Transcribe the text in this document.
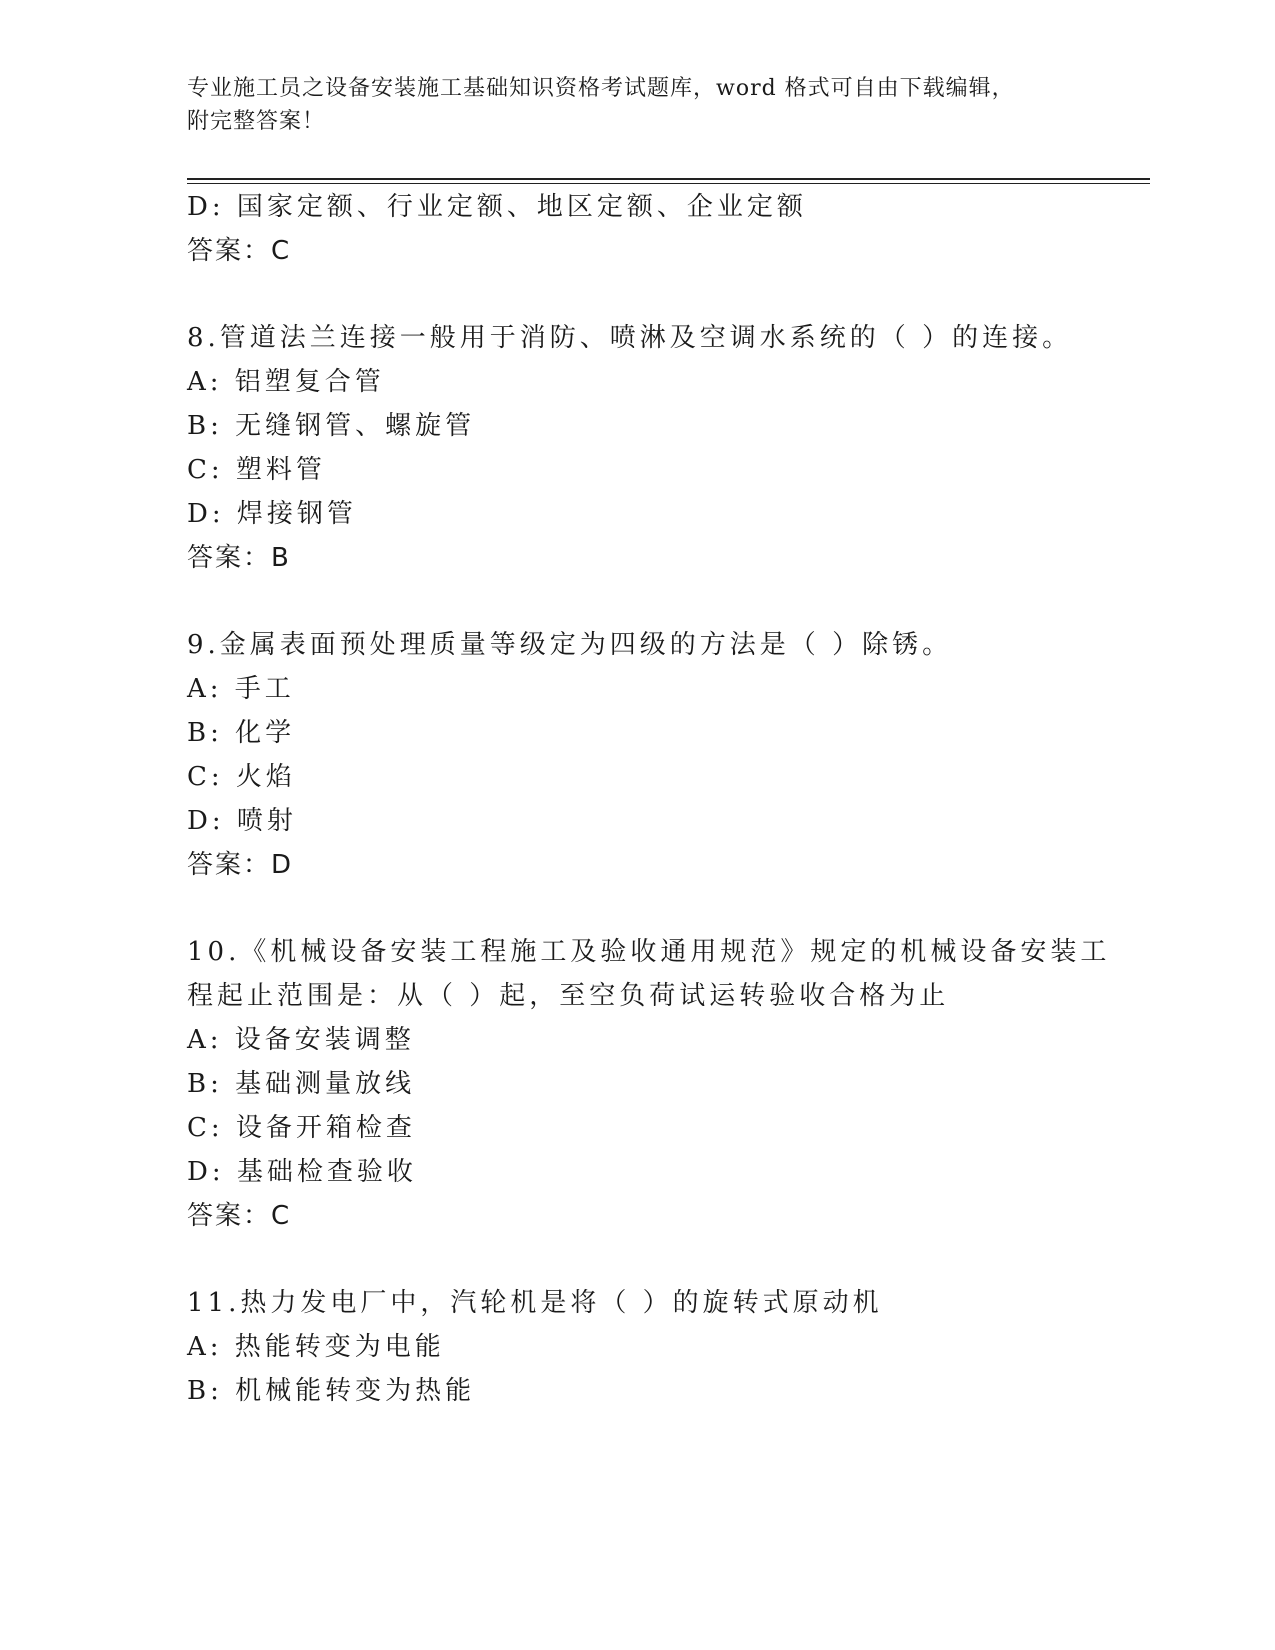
专业施工员之设备安装施工基础知识资格考试题库，word 格式可自由下载编辑，
附完整答案！
D: 国家定额、行业定额、地区定额、企业定额
答案：C
8.管道法兰连接一般用于消防、喷淋及空调水系统的（ ）的连接。
A: 铝塑复合管
B: 无缝钢管、螺旋管
C: 塑料管
D: 焊接钢管
答案：B
9.金属表面预处理质量等级定为四级的方法是（ ）除锈。
A: 手工
B: 化学
C: 火焰
D: 喷射
答案：D
10.《机械设备安装工程施工及验收通用规范》规定的机械设备安装工
程起止范围是：从（ ）起，至空负荷试运转验收合格为止
A: 设备安装调整
B: 基础测量放线
C: 设备开箱检查
D: 基础检查验收
答案：C
11.热力发电厂中，汽轮机是将（ ）的旋转式原动机
A: 热能转变为电能
B: 机械能转变为热能
